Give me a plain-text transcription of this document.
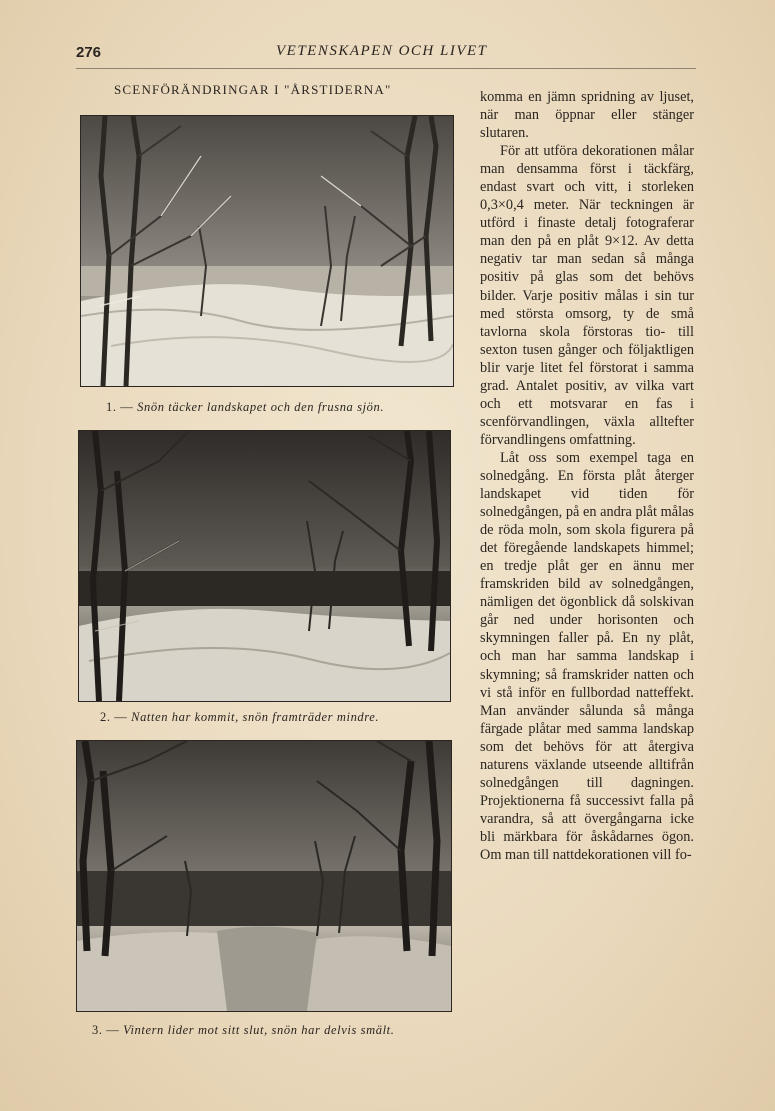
276	VETENSKAPEN OCH LIVET
SCENFÖRÄNDRINGAR I "ÅRSTIDERNA"
1. — Snön täcker landskapet och den frusna sjön.
2. — Natten har kommit, snön framträder mindre.
3. — Vintern lider mot sitt slut, snön har delvis smält.

komma en jämn spridning av ljuset, när man öppnar eller stänger slutaren.

För att utföra dekorationen målar man densamma först i täckfärg, endast svart och vitt, i storleken 0,3×0,4 meter. När teckningen är utförd i finaste detalj fotograferar man den på en plåt 9×12. Av detta negativ tar man sedan så många positiv på glas som det behövs bilder. Varje positiv målas i sin tur med största omsorg, ty de små tavlorna skola förstoras tio- till sexton tusen gånger och följaktligen blir varje litet fel förstorat i samma grad. Antalet positiv, av vilka vart och ett motsvarar en fas i scenförvandlingen, växla alltefter förvandlingens omfattning.

Låt oss som exempel taga en solnedgång. En första plåt återger landskapet vid tiden för solnedgången, på en andra plåt målas de röda moln, som skola figurera på det föregående landskapets himmel; en tredje plåt ger en ännu mer framskriden bild av solnedgången, nämligen det ögonblick då solskivan går ned under horisonten och skymningen faller på. En ny plåt, och man har samma landskap i skymning; så framskrider natten och vi stå inför en fullbordad natteffekt. Man använder sålunda så många färgade plåtar med samma landskap som det behövs för att återgiva naturens växlande utseende alltifrån solnedgången till dagningen. Projektionerna få successivt falla på varandra, så att övergångarna icke bli märkbara för åskådarnes ögon. Om man till nattdekorationen vill fo-
